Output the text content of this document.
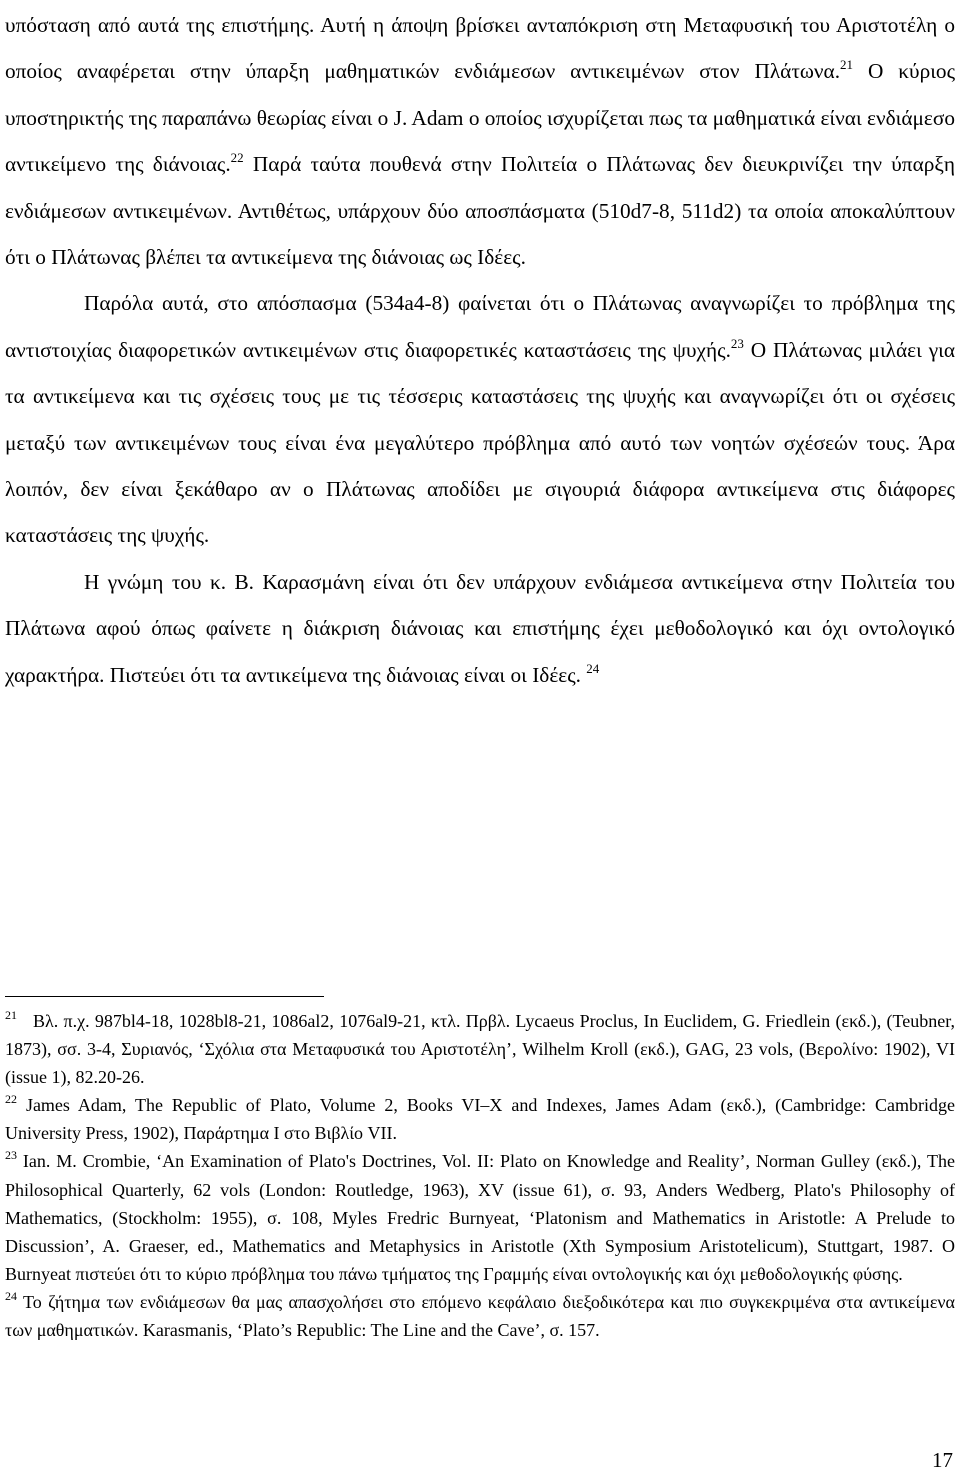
υπόσταση από αυτά της επιστήμης. Αυτή η άποψη βρίσκει ανταπόκριση στη Μεταφυσική του Αριστοτέλη ο οποίος αναφέρεται στην ύπαρξη μαθηματικών ενδιάμεσων αντικειμένων στον Πλάτωνα.$^{21}$ Ο κύριος υποστηρικτής της παραπάνω θεωρίας είναι ο J. Adam ο οποίος ισχυρίζεται πως τα μαθηματικά είναι ενδιάμεσο αντικείμενο της διάνοιας.$^{22}$ Παρά ταύτα πουθενά στην Πολιτεία ο Πλάτωνας δεν διευκρινίζει την ύπαρξη ενδιάμεσων αντικειμένων. Αντιθέτως, υπάρχουν δύο αποσπάσματα (510d7-8, 511d2) τα οποία αποκαλύπτουν ότι ο Πλάτωνας βλέπει τα αντικείμενα της διάνοιας ως Ιδέες.

Παρόλα αυτά, στο απόσπασμα (534a4-8) φαίνεται ότι ο Πλάτωνας αναγνωρίζει το πρόβλημα της αντιστοιχίας διαφορετικών αντικειμένων στις διαφορετικές καταστάσεις της ψυχής.$^{23}$ Ο Πλάτωνας μιλάει για τα αντικείμενα και τις σχέσεις τους με τις τέσσερις καταστάσεις της ψυχής και αναγνωρίζει ότι οι σχέσεις μεταξύ των αντικειμένων τους είναι ένα μεγαλύτερο πρόβλημα από αυτό των νοητών σχέσεών τους. Άρα λοιπόν, δεν είναι ξεκάθαρο αν ο Πλάτωνας αποδίδει με σιγουριά διάφορα αντικείμενα στις διάφορες καταστάσεις της ψυχής.

Η γνώμη του κ. Β. Καρασμάνη είναι ότι δεν υπάρχουν ενδιάμεσα αντικείμενα στην Πολιτεία του Πλάτωνα αφού όπως φαίνετε η διάκριση διάνοιας και επιστήμης έχει μεθοδολογικό και όχι οντολογικό χαρακτήρα. Πιστεύει ότι τα αντικείμενα της διάνοιας είναι οι Ιδέες. $^{24}$

$^{21}$ Βλ. π.χ. 987bl4-18, 1028bl8-21, 1086al2, 1076al9-21, κτλ. Πρβλ. Lycaeus Proclus, In Euclidem, G. Friedlein (εκδ.), (Teubner, 1873), σσ. 3-4, Συριανός, ‘Σχόλια στα Μεταφυσικά του Αριστοτέλη’, Wilhelm Kroll (εκδ.), GAG, 23 vols, (Βερολίνο: 1902), VI (issue 1), 82.20-26.

$^{22}$ James Adam, The Republic of Plato, Volume 2, Books VI–X and Indexes, James Adam (εκδ.), (Cambridge: Cambridge University Press, 1902), Παράρτημα I στο Βιβλίο VII.

$^{23}$ Ian. M. Crombie, ‘An Examination of Plato's Doctrines, Vol. II: Plato on Knowledge and Reality’, Norman Gulley (εκδ.), The Philosophical Quarterly, 62 vols (London: Routledge, 1963), XV (issue 61), σ. 93, Anders Wedberg, Plato's Philosophy of Mathematics, (Stockholm: 1955), σ. 108, Myles Fredric Burnyeat, ‘Platonism and Mathematics in Aristotle: A Prelude to Discussion’, A. Graeser, ed., Mathematics and Metaphysics in Aristotle (Xth Symposium Aristotelicum), Stuttgart, 1987. Ο Burnyeat πιστεύει ότι το κύριο πρόβλημα του πάνω τμήματος της Γραμμής είναι οντολογικής και όχι μεθοδολογικής φύσης.

$^{24}$ Το ζήτημα των ενδιάμεσων θα μας απασχολήσει στο επόμενο κεφάλαιο διεξοδικότερα και πιο συγκεκριμένα στα αντικείμενα των μαθηματικών. Karasmanis, ‘Plato’s Republic: The Line and the Cave’, σ. 157.

17
